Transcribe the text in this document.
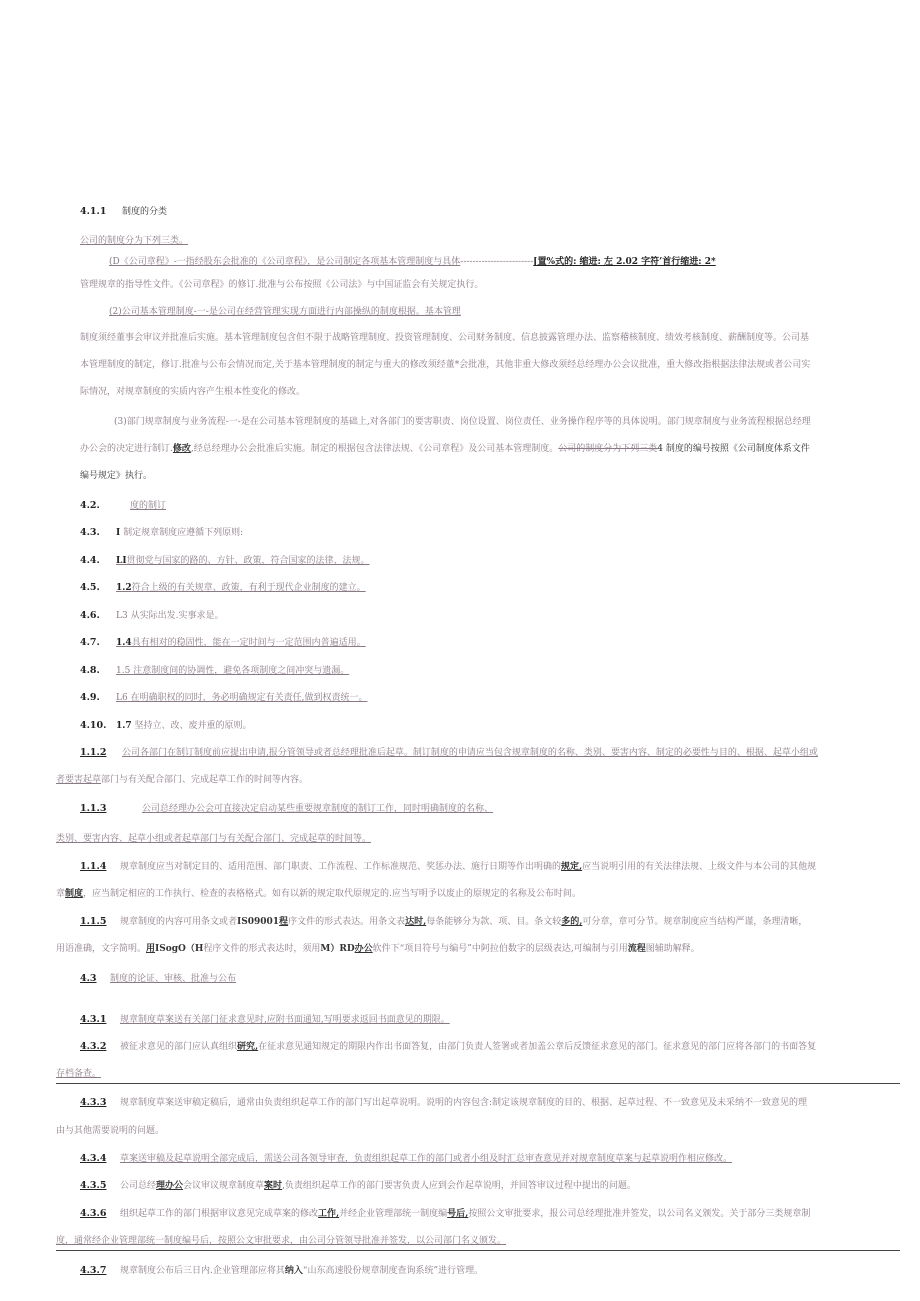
4.1.1 制度的分类
公司的制度分为下列三类。
(D《公司章程》-一指经股东会批准的《公司章程》，是公司制定各项基本管理制度与具体------------------------[置%式的: 缩进: 左 2.02 字符’首行缩进: 2*
管理规章的指导性文件。《公司章程》的修订.批准与公布按照《公司法》与中国证监会有关规定执行。
(2)公司基本管理制度-一-是公司在经营管理实现方面进行内部操纵的制度根据。基本管理
制度须经董事会审议并批准后实施。基本管理制度包含但不限于战略管理制度、投资管理制度、公司财务制度、信息披露管理办法、监察稽核制度、绩效考核制度、薪酬制度等。公司基
本管理制度的制定，修订.批准与公布会情况而定,关于基本管理制度的制定与重大的修改须经董*会批准，其他非重大修改须经总经理办公会议批准，重大修改指根据法律法规或者公司实
际情况，对规章制度的实质内容产生根本性变化的修改。
(3)部门规章制度与业务流程-一-是在公司基本管理制度的基础上,对各部门的要害职责、岗位设置、岗位责任、业务操作程序等的具体说明。部门规章制度与业务流程根据总经理
办公会的决定进行制订.修改,经总经理办公会批准后实施。制定的根据包含法律法规、《公司章程》及公司基本管理制度。公司的制度分为下列三类4 制度的编号按照《公司制度体系文件
编号规定》执行。
4.2.	度的制订
4.3. I 制定规章制度应遵循下列原则:
4.4. LI贯彻党与国家的路的、方针、政策，符合国家的法律、法规。
4.5. 1.2符合上级的有关规章、政策，有利于现代企业制度的建立。
4.6. L3 从实际出发.实事求是。
4.7. 1.4具有相对的稳固性，能在一定时间与一定范围内普遍适用。
4.8. 1.5 注意制度间的协调性，避免各项制度之间冲突与遗漏。
4.9. L6 在明确职权的同时，务必明确规定有关责任,做到权责统一。
4.10. 1.7 坚持立、改、废并重的原则。
1.1.2 公司各部门在制订制度前应提出申请,报分管领导或者总经理批准后起草。制订制度的申请应当包含规章制度的名称、类别、要害内容、制定的必要性与目的、根据、起草小组或
者要害起草部门与有关配合部门、完成起草工作的时间等内容。
1.1.3	公司总经理办公会可直接决定启动某些重要规章制度的制订工作，同时明确制度的名称、
类别、要害内容、起草小组或者起草部门与有关配合部门、完成起草的时间等。
1.1.4 规章制度应当对制定目的、适用范围、部门职责、工作流程、工作标准规范、奖惩办法、施行日期等作出明确的规定,应当说明引用的有关法律法规、上级文件与本公司的其他规
章制度，应当制定相应的工作执行、检查的表格格式。如有以新的规定取代原规定的.应当写明予以废止的原规定的名称及公布时间。
1.1.5 规章制度的内容可用条文或者IS09001程序文件的形式表达。用条文表达时,每条能够分为款、项、目。条文较多的,可分章，章可分节。规章制度应当结构严谨，条理清晰，
用语准确，文字简明。用ISogO（H程序文件的形式表达时，须用M）RD办公软件下“项目符号与编号”中阿拉伯数字的层级表达,可编制与引用流程图辅助解释。
4.3 制度的论证、审核、批准与公布
4.3.1 规章制度草案送有关部门征求意见时,应附书面通知,写明要求返回书面意见的期限。
4.3.2 被征求意见的部门应认真组织研究,在征求意见通知规定的期限内作出书面答复，由部门负责人签署或者加盖公章后反馈征求意见的部门。征求意见的部门应将各部门的书面答复
存档备查。
4.3.3 规章制度草案送审稿定稿后，通常由负责组织起草工作的部门写出起草说明。说明的内容包含:制定该规章制度的目的、根据、起草过程、不一致意见及未采纳不一致意见的理
由与其他需要说明的问题。
4.3.4 草案送审稿及起草说明全部完成后，需送公司各领导审查，负责组织起草工作的部门或者小组及时汇总审查意见并对规章制度草案与起草说明作相应修改。
4.3.5 公司总经理办公会议审议规章制度草案时,负责组织起草工作的部门要害负责人应到会作起草说明，并回答审议过程中提出的问题。
4.3.6 组织起草工作的部门根据审议意见完成草案的修改工作,并经企业管理部统一制度编号后,按照公文审批要求，报公司总经理批准并签发，以公司名义颁发。关于部分三类规章制
度，通常经企业管理部统一制度编号后，按照公文审批要求，由公司分管领导批准并签发，以公司部门名义颁发。
4.3.7 规章制度公布后三日内.企业管理部应将其纳入“山东高速股份规章制度查询系统”进行管理。
